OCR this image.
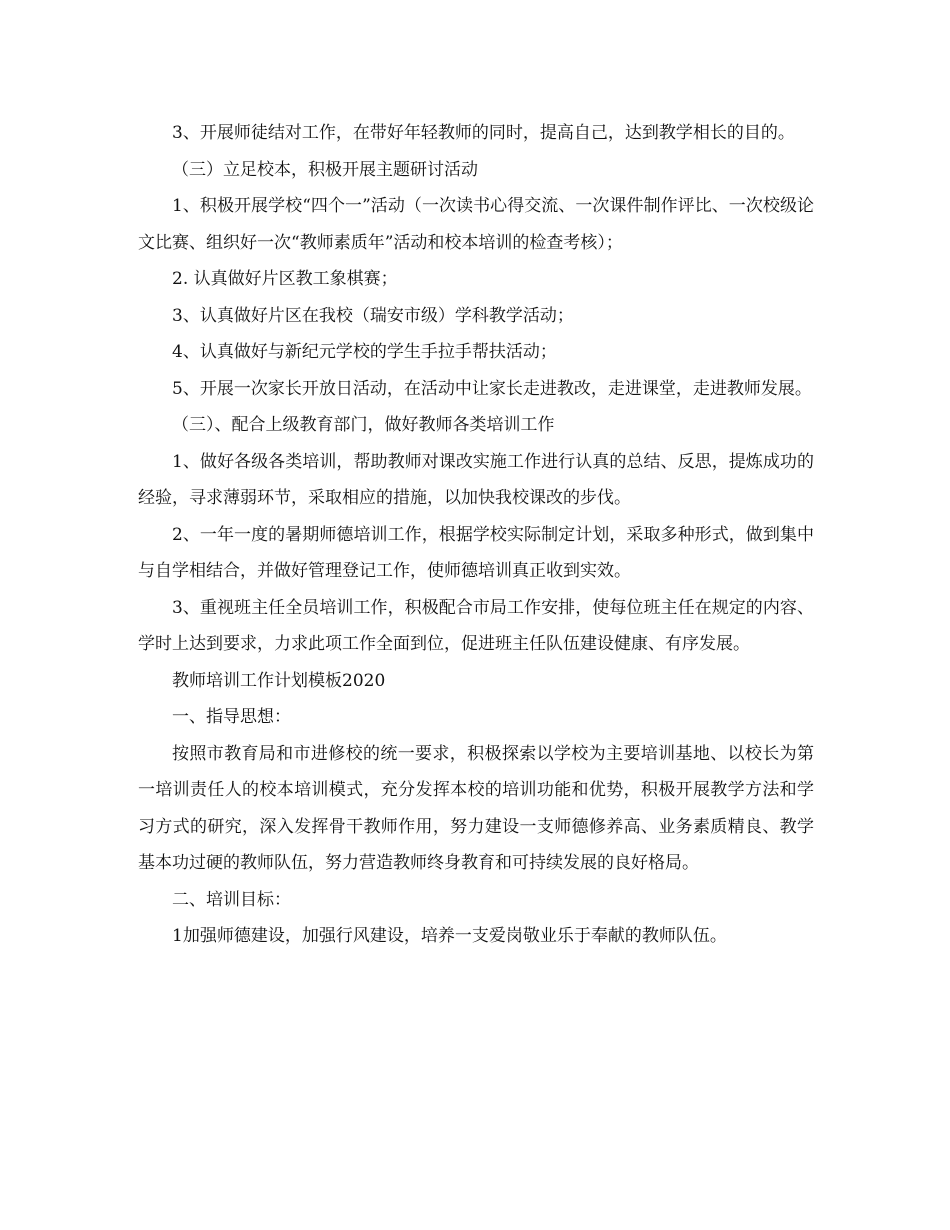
3、开展师徒结对工作，在带好年轻教师的同时，提高自己，达到教学相长的目的。

（三）立足校本，积极开展主题研讨活动

1、积极开展学校“四个一”活动（一次读书心得交流、一次课件制作评比、一次校级论文比赛、组织好一次“教师素质年”活动和校本培训的检查考核）；

2. 认真做好片区教工象棋赛；

3、认真做好片区在我校（瑞安市级）学科教学活动；

4、认真做好与新纪元学校的学生手拉手帮扶活动；

5、开展一次家长开放日活动，在活动中让家长走进教改，走进课堂，走进教师发展。

（三）、配合上级教育部门，做好教师各类培训工作

1、做好各级各类培训，帮助教师对课改实施工作进行认真的总结、反思，提炼成功的经验，寻求薄弱环节，采取相应的措施，以加快我校课改的步伐。

2、一年一度的暑期师德培训工作，根据学校实际制定计划，采取多种形式，做到集中与自学相结合，并做好管理登记工作，使师德培训真正收到实效。

3、重视班主任全员培训工作，积极配合市局工作安排，使每位班主任在规定的内容、学时上达到要求，力求此项工作全面到位，促进班主任队伍建设健康、有序发展。

教师培训工作计划模板2020

一、指导思想：

按照市教育局和市进修校的统一要求，积极探索以学校为主要培训基地、以校长为第一培训责任人的校本培训模式，充分发挥本校的培训功能和优势，积极开展教学方法和学习方式的研究，深入发挥骨干教师作用，努力建设一支师德修养高、业务素质精良、教学基本功过硬的教师队伍，努力营造教师终身教育和可持续发展的良好格局。

二、培训目标：

1加强师德建设，加强行风建设，培养一支爱岗敬业乐于奉献的教师队伍。
